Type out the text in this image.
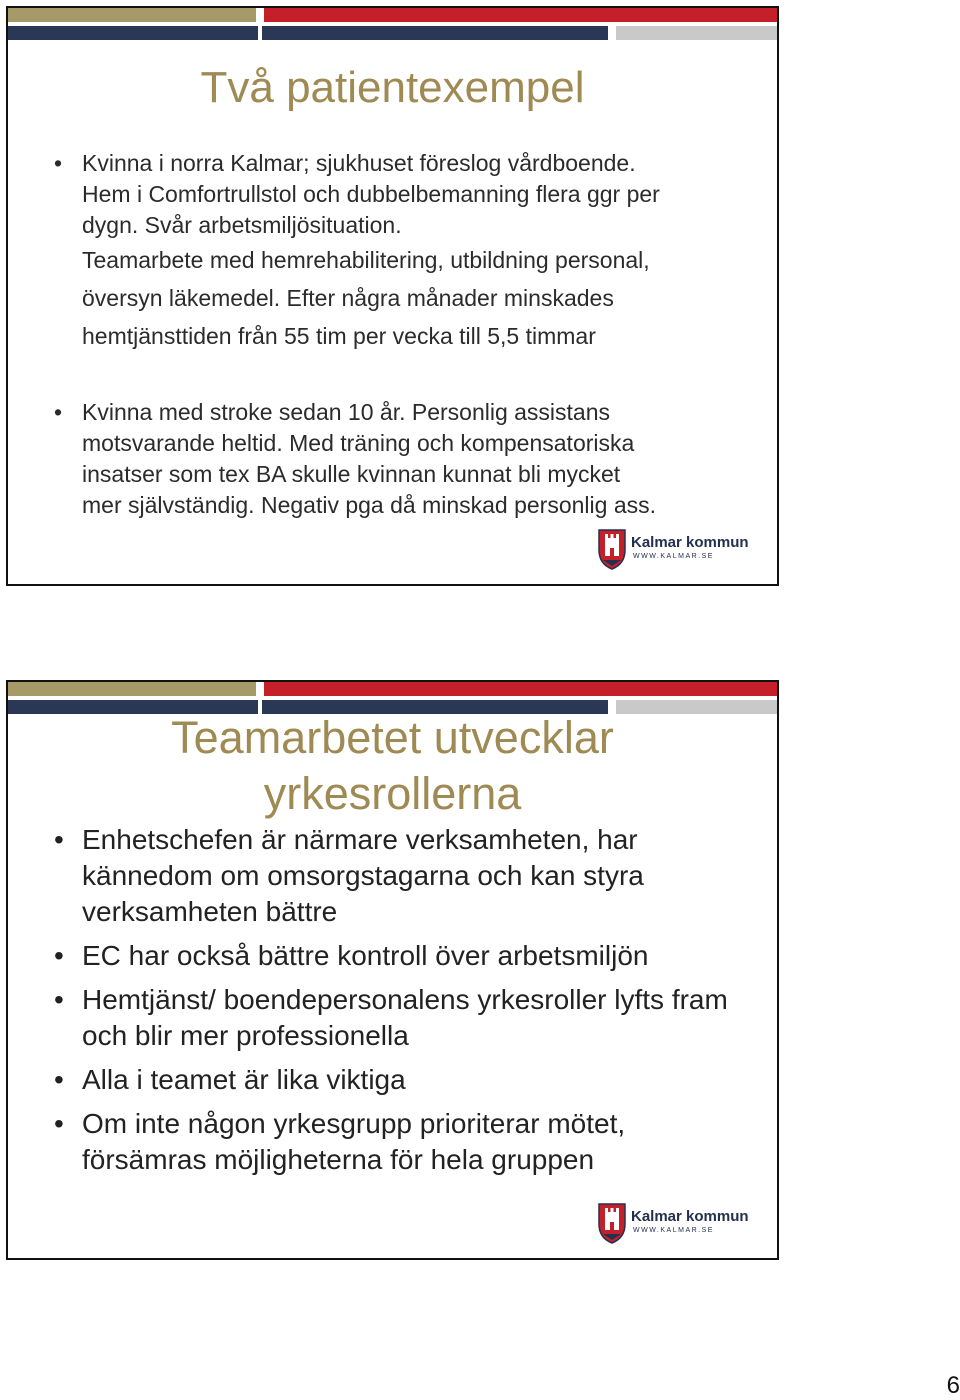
Två patientexempel
• Kvinna i norra Kalmar; sjukhuset föreslog vårdboende.
Hem i Comfortrullstol och dubbelbemanning flera ggr per
dygn. Svår arbetsmiljösituation.
Teamarbete med hemrehabilitering, utbildning personal,
översyn läkemedel. Efter några månader minskades
hemtjänsttiden från 55 tim per vecka till 5,5 timmar
• Kvinna med stroke sedan 10 år. Personlig assistans
motsvarande heltid. Med träning och kompensatoriska
insatser som tex BA skulle kvinnan kunnat bli mycket
mer självständig. Negativ pga då minskad personlig ass.
Kalmar kommun
WWW.KALMAR.SE
Teamarbetet utvecklar yrkesrollerna
• Enhetschefen är närmare verksamheten, har kännedom om omsorgstagarna och kan styra verksamheten bättre
• EC har också bättre kontroll över arbetsmiljön
• Hemtjänst/ boendepersonalens yrkesroller lyfts fram och blir mer professionella
• Alla i teamet är lika viktiga
• Om inte någon yrkesgrupp prioriterar mötet, försämras möjligheterna för hela gruppen
Kalmar kommun
WWW.KALMAR.SE
6
